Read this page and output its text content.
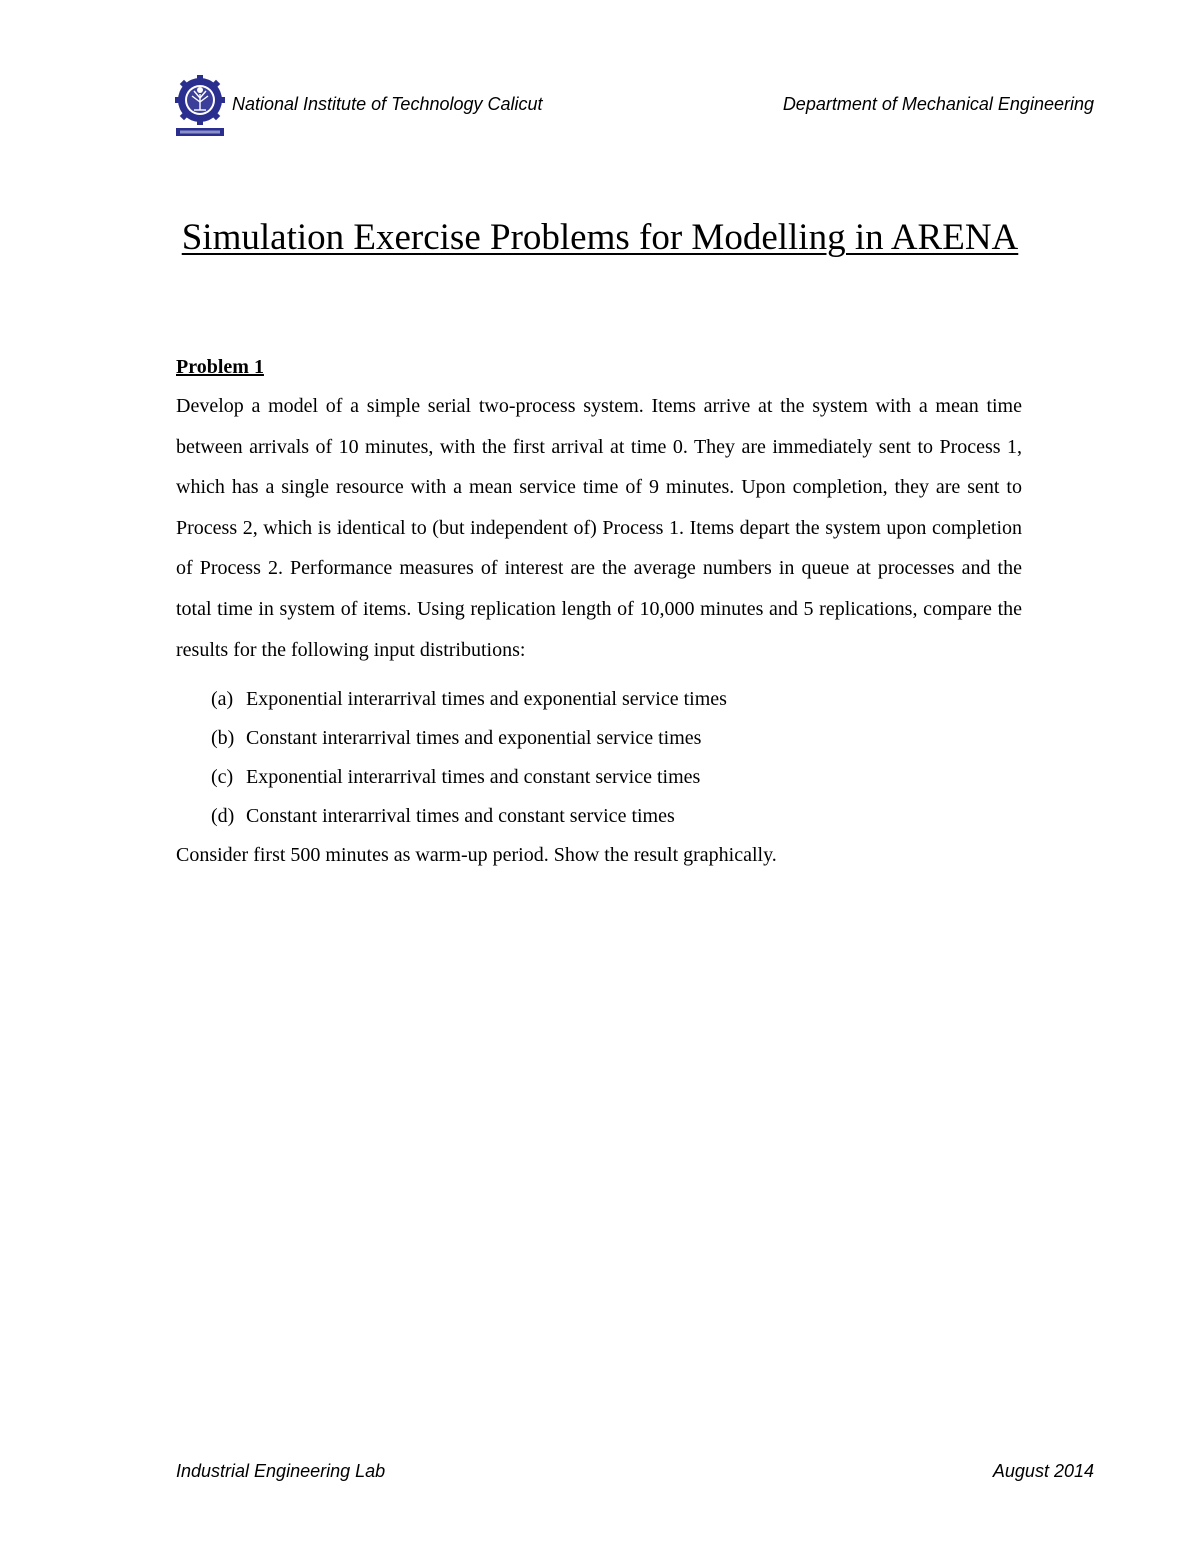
National Institute of Technology Calicut	Department of Mechanical Engineering
Simulation Exercise Problems for Modelling in ARENA

Problem 1

Develop a model of a simple serial two-process system. Items arrive at the system with a mean time between arrivals of 10 minutes, with the first arrival at time 0. They are immediately sent to Process 1, which has a single resource with a mean service time of 9 minutes. Upon completion, they are sent to Process 2, which is identical to (but independent of) Process 1. Items depart the system upon completion of Process 2. Performance measures of interest are the average numbers in queue at processes and the total time in system of items. Using replication length of 10,000 minutes and 5 replications, compare the results for the following input distributions:

(a) Exponential interarrival times and exponential service times
(b) Constant interarrival times and exponential service times
(c) Exponential interarrival times and constant service times
(d) Constant interarrival times and constant service times

Consider first 500 minutes as warm-up period. Show the result graphically.

Industrial Engineering Lab	August 2014
